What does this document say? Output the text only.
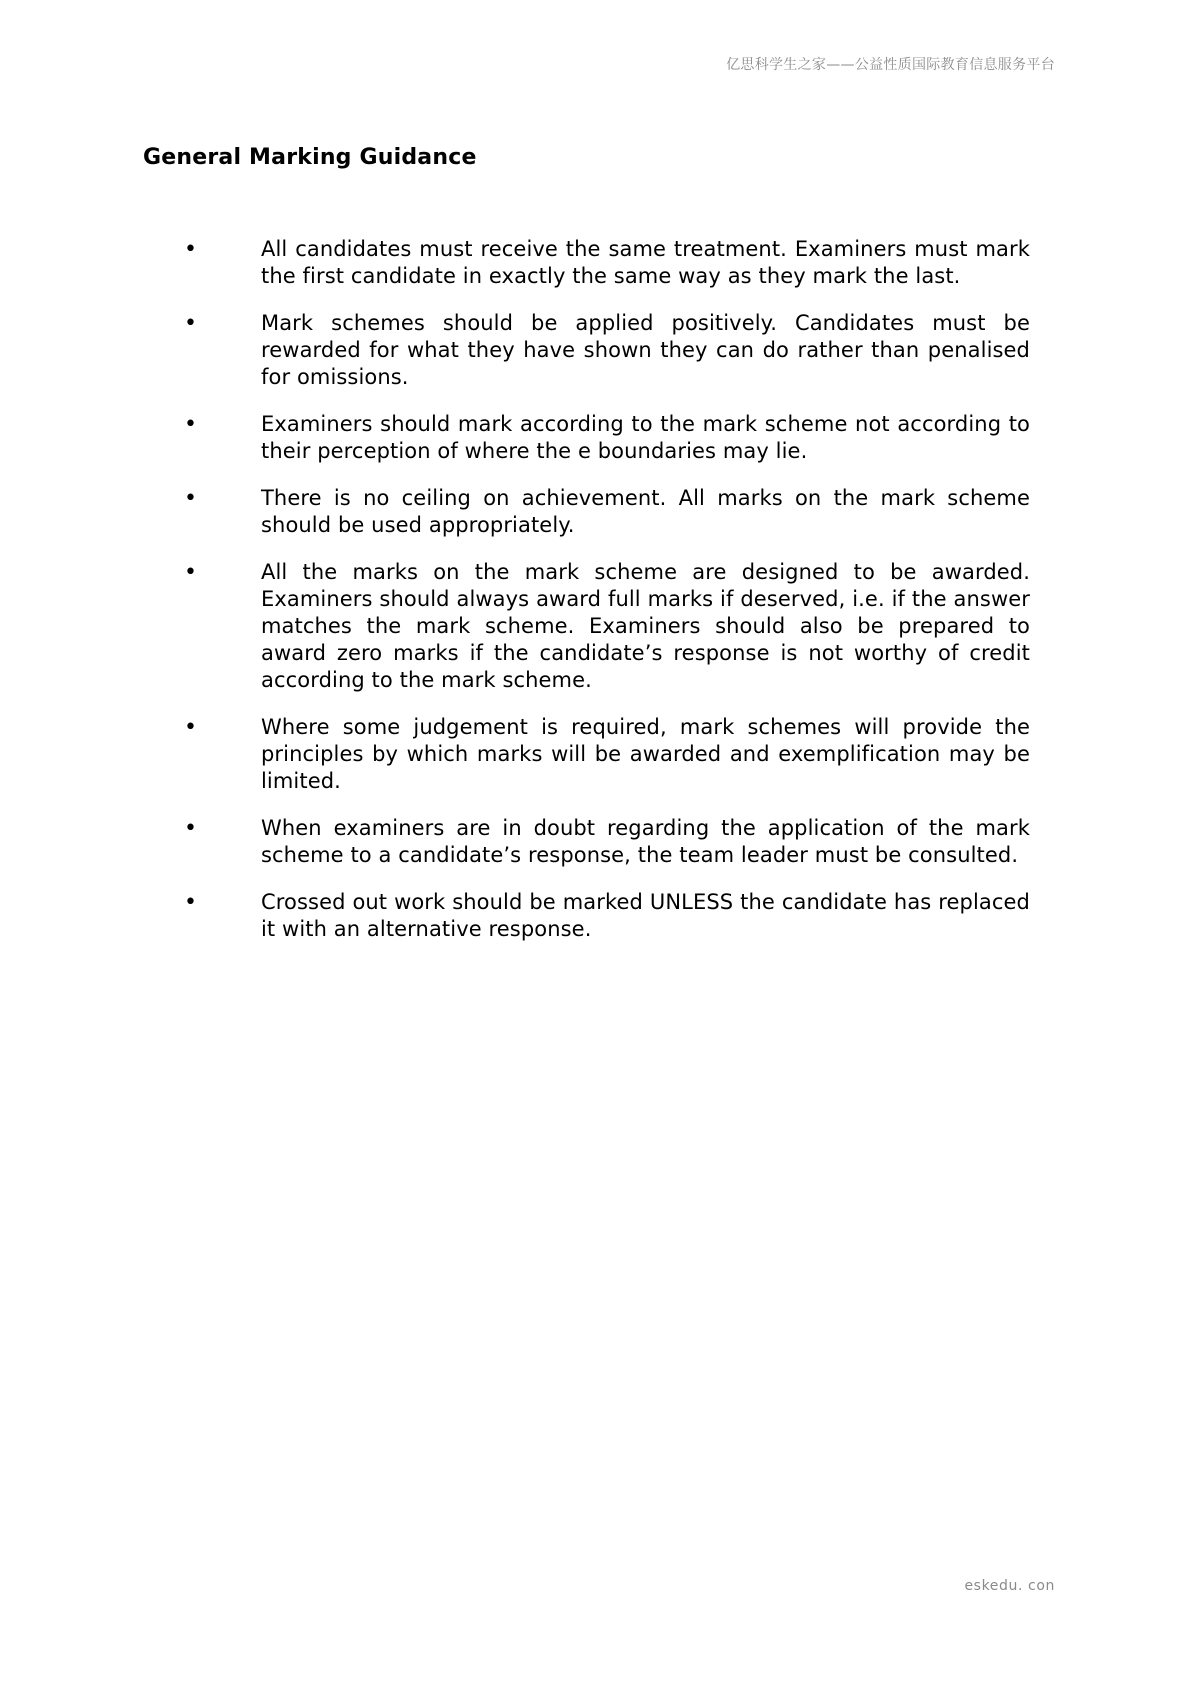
亿思科学生之家——公益性质国际教育信息服务平台
General Marking Guidance
•	All candidates must receive the same treatment. Examiners must mark the first candidate in exactly the same way as they mark the last.
•	Mark schemes should be applied positively. Candidates must be rewarded for what they have shown they can do rather than penalised for omissions.
•	Examiners should mark according to the mark scheme not according to their perception of where the e boundaries may lie.
•	There is no ceiling on achievement. All marks on the mark scheme should be used appropriately.
•	All the marks on the mark scheme are designed to be awarded. Examiners should always award full marks if deserved, i.e. if the answer matches the mark scheme. Examiners should also be prepared to award zero marks if the candidate’s response is not worthy of credit according to the mark scheme.
•	Where some judgement is required, mark schemes will provide the principles by which marks will be awarded and exemplification may be limited.
•	When examiners are in doubt regarding the application of the mark scheme to a candidate’s response, the team leader must be consulted.
•	Crossed out work should be marked UNLESS the candidate has replaced it with an alternative response.
eskedu. con
